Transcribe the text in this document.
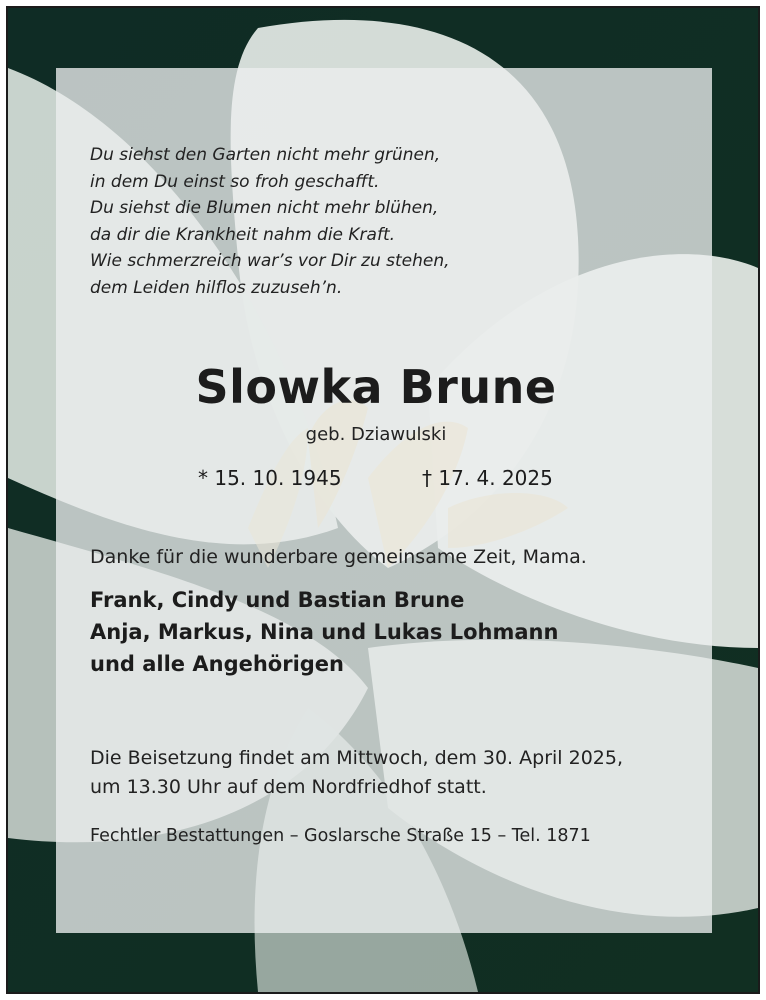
Du siehst den Garten nicht mehr grünen,
in dem Du einst so froh geschafft.
Du siehst die Blumen nicht mehr blühen,
da dir die Krankheit nahm die Kraft.
Wie schmerzreich war’s vor Dir zu stehen,
dem Leiden hilflos zuzuseh’n.
Slowka Brune
geb. Dziawulski
* 15. 10. 1945	† 17. 4. 2025
Danke für die wunderbare gemeinsame Zeit, Mama.
Frank, Cindy und Bastian Brune
Anja, Markus, Nina und Lukas Lohmann
und alle Angehörigen
Die Beisetzung findet am Mittwoch, dem 30. April 2025,
um 13.30 Uhr auf dem Nordfriedhof statt.
Fechtler Bestattungen – Goslarsche Straße 15 – Tel. 1871
